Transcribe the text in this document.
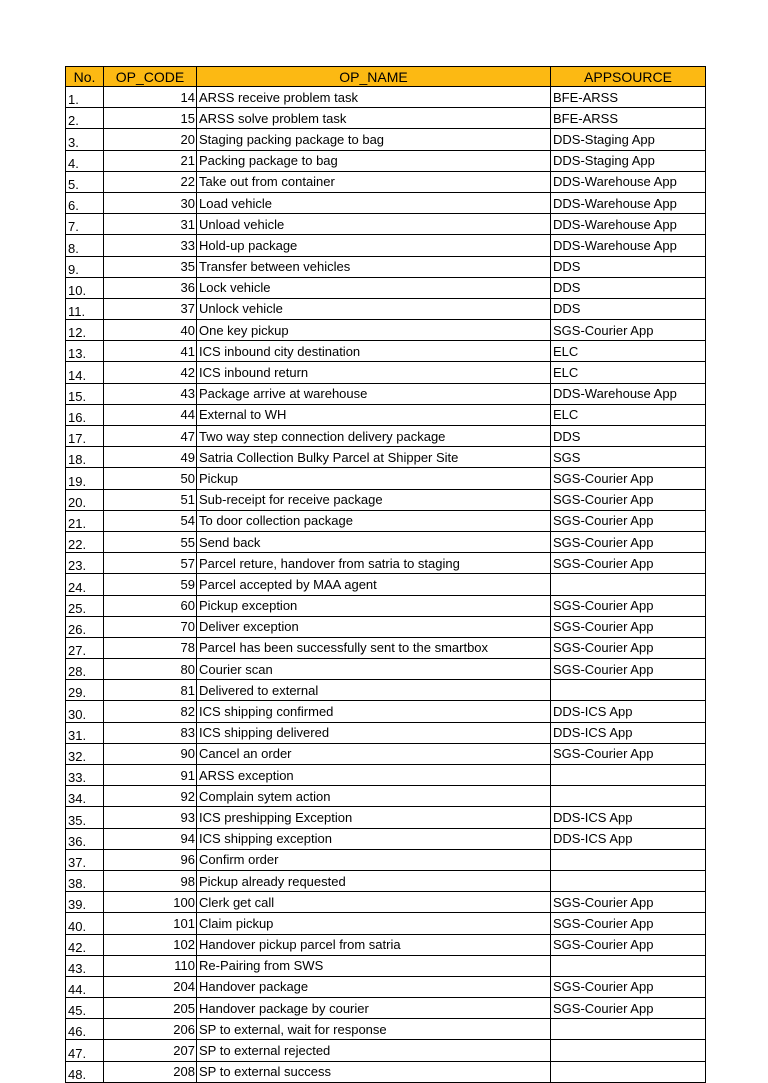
No.	OP_CODE	OP_NAME	APPSOURCE
1.	14	ARSS receive problem task	BFE-ARSS
2.	15	ARSS solve problem task	BFE-ARSS
3.	20	Staging packing package to bag	DDS-Staging App
4.	21	Packing package to bag	DDS-Staging App
5.	22	Take out from container	DDS-Warehouse App
6.	30	Load vehicle	DDS-Warehouse App
7.	31	Unload vehicle	DDS-Warehouse App
8.	33	Hold-up package	DDS-Warehouse App
9.	35	Transfer between vehicles	DDS
10.	36	Lock vehicle	DDS
11.	37	Unlock vehicle	DDS
12.	40	One key pickup	SGS-Courier App
13.	41	ICS inbound city destination	ELC
14.	42	ICS inbound return	ELC
15.	43	Package arrive at warehouse	DDS-Warehouse App
16.	44	External to WH	ELC
17.	47	Two way step connection delivery package	DDS
18.	49	Satria Collection Bulky Parcel at Shipper Site	SGS
19.	50	Pickup	SGS-Courier App
20.	51	Sub-receipt for receive package	SGS-Courier App
21.	54	To door collection package	SGS-Courier App
22.	55	Send back	SGS-Courier App
23.	57	Parcel reture, handover from satria to staging	SGS-Courier App
24.	59	Parcel accepted by MAA agent	
25.	60	Pickup exception	SGS-Courier App
26.	70	Deliver exception	SGS-Courier App
27.	78	Parcel has been successfully sent to the smartbox	SGS-Courier App
28.	80	Courier scan	SGS-Courier App
29.	81	Delivered to external	
30.	82	ICS shipping confirmed	DDS-ICS App
31.	83	ICS shipping delivered	DDS-ICS App
32.	90	Cancel an order	SGS-Courier App
33.	91	ARSS exception	
34.	92	Complain sytem action	
35.	93	ICS preshipping Exception	DDS-ICS App
36.	94	ICS shipping exception	DDS-ICS App
37.	96	Confirm order	
38.	98	Pickup already requested	
39.	100	Clerk get call	SGS-Courier App
40.	101	Claim pickup	SGS-Courier App
42.	102	Handover pickup parcel from satria	SGS-Courier App
43.	110	Re-Pairing from SWS	
44.	204	Handover package	SGS-Courier App
45.	205	Handover package by courier	SGS-Courier App
46.	206	SP to external, wait for response	
47.	207	SP to external rejected	
48.	208	SP to external success	
